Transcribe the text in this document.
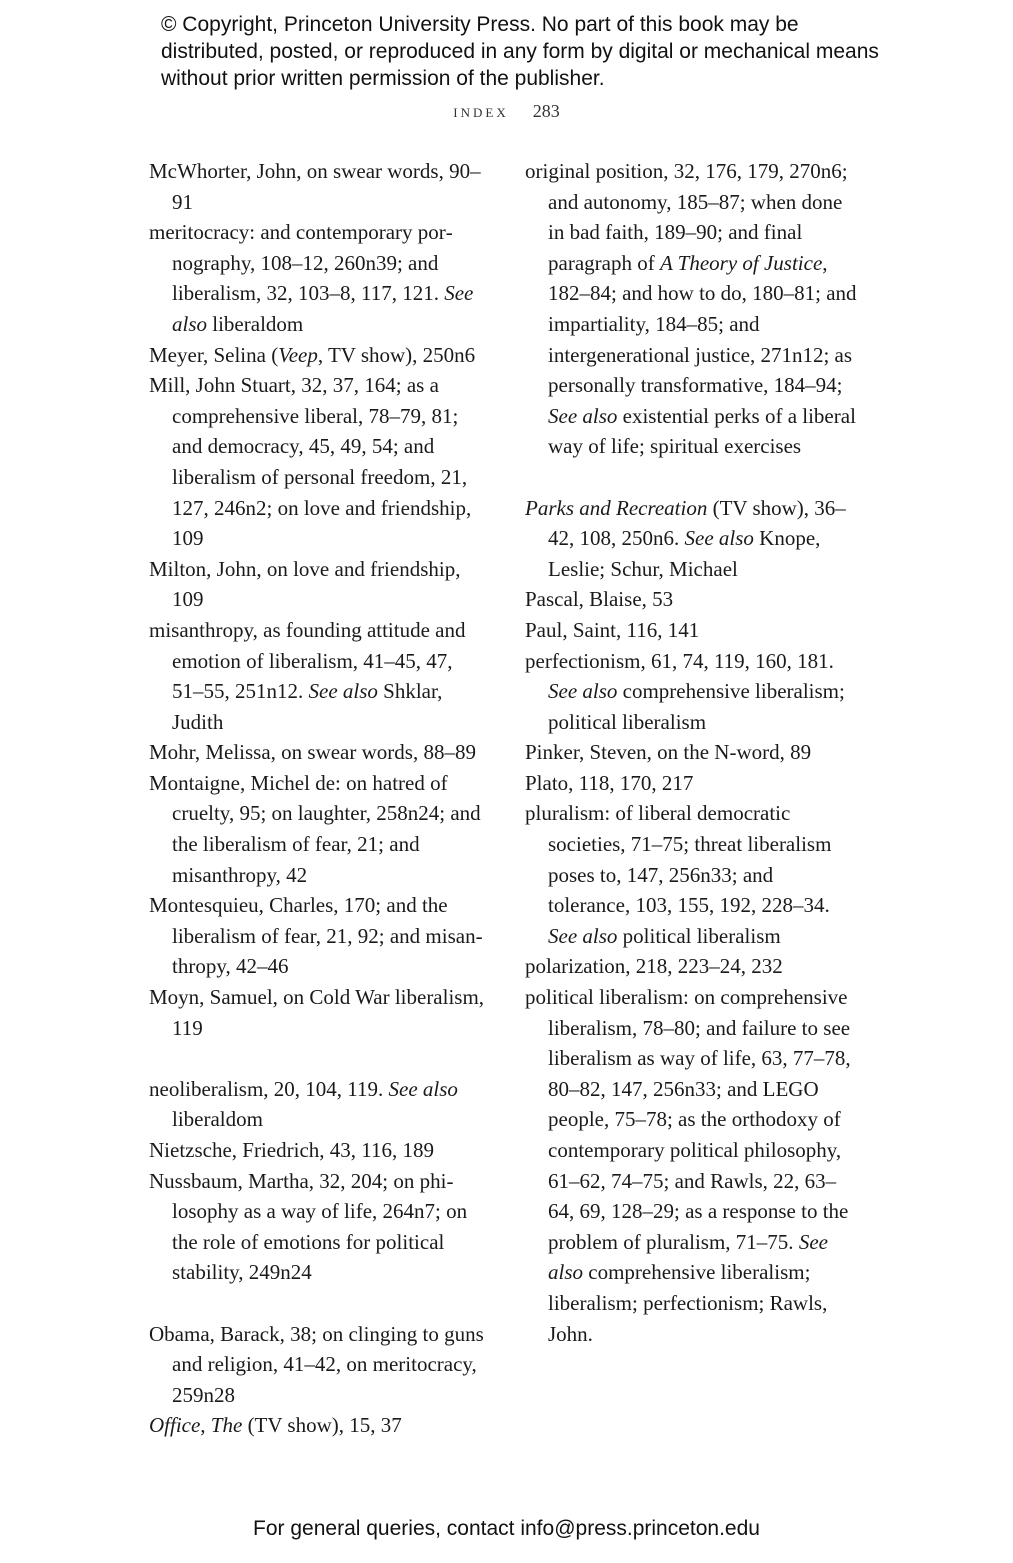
© Copyright, Princeton University Press. No part of this book may be distributed, posted, or reproduced in any form by digital or mechanical means without prior written permission of the publisher.
index 283

McWhorter, John, on swear words, 90–91

meritocracy: and contemporary pornography, 108–12, 260n39; and liberalism, 32, 103–8, 117, 121. See also liberaldom

Meyer, Selina (Veep, TV show), 250n6

Mill, John Stuart, 32, 37, 164; as a comprehensive liberal, 78–79, 81; and democracy, 45, 49, 54; and liberalism of personal freedom, 21, 127, 246n2; on love and friendship, 109

Milton, John, on love and friendship, 109

misanthropy, as founding attitude and emotion of liberalism, 41–45, 47, 51–55, 251n12. See also Shklar, Judith

Mohr, Melissa, on swear words, 88–89

Montaigne, Michel de: on hatred of cruelty, 95; on laughter, 258n24; and the liberalism of fear, 21; and misanthropy, 42

Montesquieu, Charles, 170; and the liberalism of fear, 21, 92; and misanthropy, 42–46

Moyn, Samuel, on Cold War liberalism, 119

neoliberalism, 20, 104, 119. See also liberaldom

Nietzsche, Friedrich, 43, 116, 189

Nussbaum, Martha, 32, 204; on philosophy as a way of life, 264n7; on the role of emotions for political stability, 249n24

Obama, Barack, 38; on clinging to guns and religion, 41–42, on meritocracy, 259n28

Office, The (TV show), 15, 37

original position, 32, 176, 179, 270n6; and autonomy, 185–87; when done in bad faith, 189–90; and final paragraph of A Theory of Justice, 182–84; and how to do, 180–81; and impartiality, 184–85; and intergenerational justice, 271n12; as personally transformative, 184–94; See also existential perks of a liberal way of life; spiritual exercises

Parks and Recreation (TV show), 36–42, 108, 250n6. See also Knope, Leslie; Schur, Michael

Pascal, Blaise, 53

Paul, Saint, 116, 141

perfectionism, 61, 74, 119, 160, 181. See also comprehensive liberalism; political liberalism

Pinker, Steven, on the N-word, 89

Plato, 118, 170, 217

pluralism: of liberal democratic societies, 71–75; threat liberalism poses to, 147, 256n33; and tolerance, 103, 155, 192, 228–34. See also political liberalism

polarization, 218, 223–24, 232

political liberalism: on comprehensive liberalism, 78–80; and failure to see liberalism as way of life, 63, 77–78, 80–82, 147, 256n33; and LEGO people, 75–78; as the orthodoxy of contemporary political philosophy, 61–62, 74–75; and Rawls, 22, 63–64, 69, 128–29; as a response to the problem of pluralism, 71–75. See also comprehensive liberalism; liberalism; perfectionism; Rawls, John.

For general queries, contact info@press.princeton.edu
